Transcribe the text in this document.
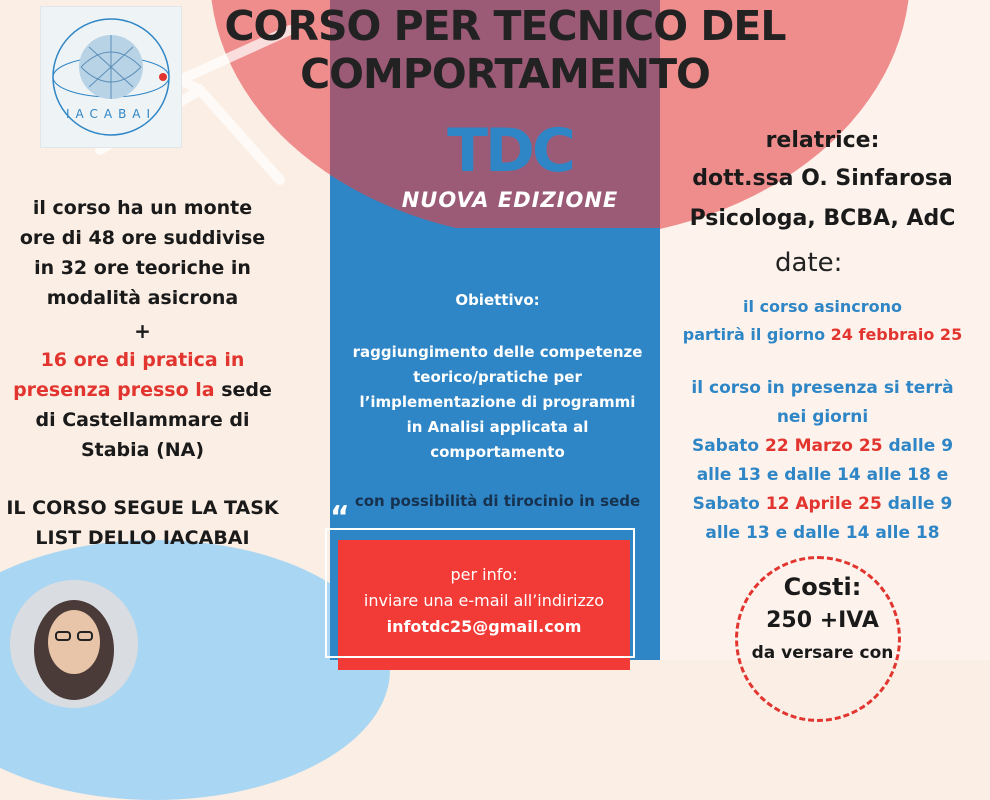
IACABAI
CORSO PER TECNICO DEL
COMPORTAMENTO
TDC
NUOVA EDIZIONE
il corso ha un monte
ore di 48 ore suddivise
in 32 ore teoriche in
modalità asicrona
+
16 ore di pratica in
presenza presso la sede
di Castellammare di
Stabia (NA)
IL CORSO SEGUE LA TASK
LIST DELLO IACABAI
Obiettivo:
raggiungimento delle competenze
teorico/pratiche per
l’implementazione di programmi
in Analisi applicata al
comportamento
con possibilità di tirocinio in sede
“
per info:
inviare una e-mail all’indirizzo
infotdc25@gmail.com
relatrice:
dott.ssa O. Sinfarosa
Psicologa, BCBA, AdC
date:
il corso asincrono
partirà il giorno 24 febbraio 25
il corso in presenza si terrà
nei giorni
Sabato 22 Marzo 25 dalle 9
alle 13 e dalle 14 alle 18 e
Sabato 12 Aprile 25 dalle 9
alle 13 e dalle 14 alle 18
Costi:
250 +IVA
da versare con
